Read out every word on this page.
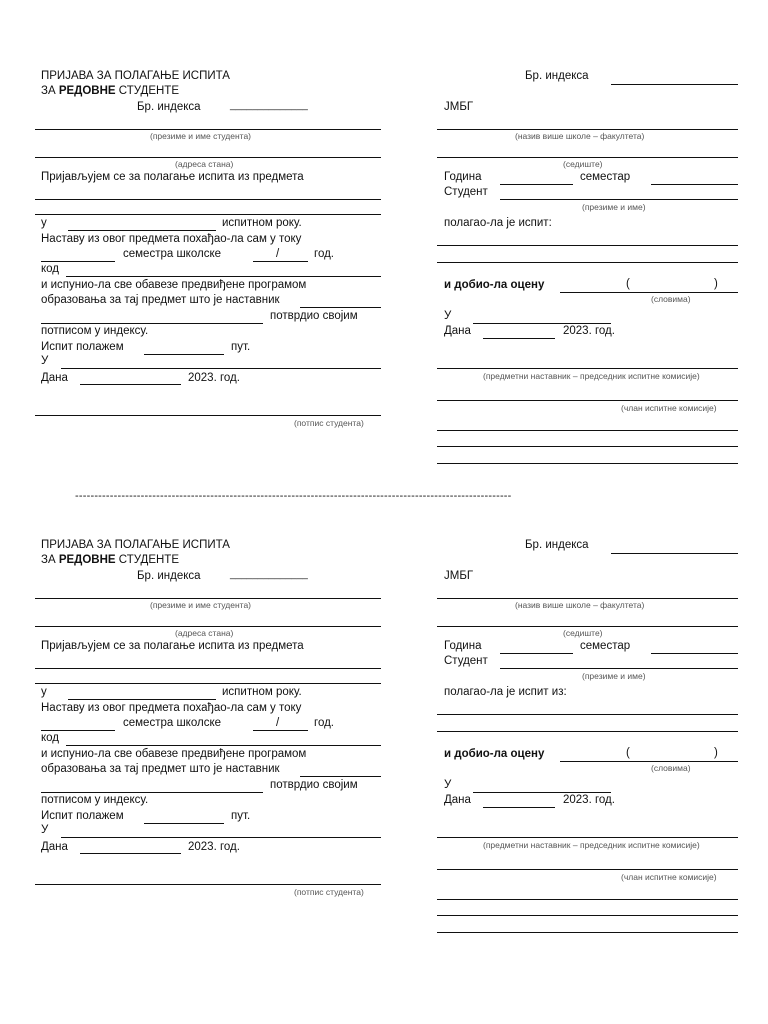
ПРИЈАВА ЗА ПОЛАГАЊЕ ИСПИТА
ЗА РЕДОВНЕ СТУДЕНТЕ
Бр. индекса
Бр. индекса	______________	ЈМБГ
(презиме и име студента)	(назив више школе – факултета)
(адреса стана)	(седиште)
Пријављујем се за полагање испита из предмета	Година	семестар
Студент
(презиме и име)
у	испитном року.	полагао-ла је испит:
Наставу из овог предмета похађао-ла сам у току
семестра школске	/	год.
код
и испунио-ла све обавезе предвиђене програмом	и добио-ла оцену	(	)
(словима)
образовања за тај предмет што је наставник
потврдио својим	У
потписом у индексу.	Дана	2023. год.
Испит полажем	пут.
У
(предметни наставник – председник испитне комисије)
Дана	2023. год.
(члан испитне комисије)
(потпис студента)
-----------------------------------------------------------------------------------------------------------------
ПРИЈАВА ЗА ПОЛАГАЊЕ ИСПИТА
ЗА РЕДОВНЕ СТУДЕНТЕ
Бр. индекса
Бр. индекса	______________	ЈМБГ
(презиме и име студента)	(назив више школе – факултета)
(адреса стана)	(седиште)
Пријављујем се за полагање испита из предмета	Година	семестар
Студент
(презиме и име)
у	испитном року.	полагао-ла је испит из:
Наставу из овог предмета похађао-ла сам у току
семестра школске	/	год.
код
и испунио-ла све обавезе предвиђене програмом	и добио-ла оцену	(	)
(словима)
образовања за тај предмет што је наставник
потврдио својим	У
потписом у индексу.	Дана	2023. год.
Испит полажем	пут.
У
(предметни наставник – председник испитне комисије)
Дана	2023. год.
(члан испитне комисије)
(потпис студента)
